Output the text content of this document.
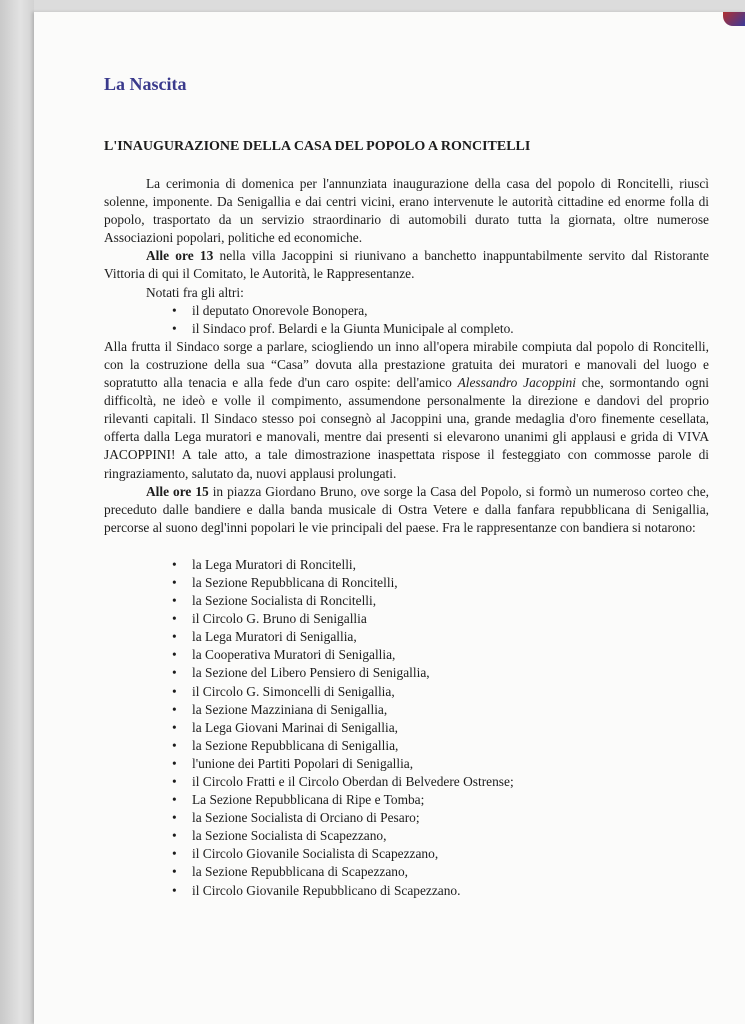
La Nascita
L'INAUGURAZIONE DELLA CASA DEL POPOLO A RONCITELLI

La cerimonia di domenica per l'annunziata inaugurazione della casa del popolo di Roncitelli, riuscì solenne, imponente. Da Senigallia e dai centri vicini, erano intervenute le autorità cittadine ed enorme folla di popolo, trasportato da un servizio straordinario di automobili durato tutta la giornata, oltre numerose Associazioni popolari, politiche ed economiche.

Alle ore 13 nella villa Jacoppini si riunivano a banchetto inappuntabilmente servito dal Ristorante Vittoria di qui il Comitato, le Autorità, le Rappresentanze.

Notati fra gli altri:

• il deputato Onorevole Bonopera,
• il Sindaco prof. Belardi e la Giunta Municipale al completo.

Alla frutta il Sindaco sorge a parlare, sciogliendo un inno all'opera mirabile compiuta dal popolo di Roncitelli, con la costruzione della sua “Casa” dovuta alla prestazione gratuita dei muratori e manovali del luogo e sopratutto alla tenacia e alla fede d'un caro ospite: dell'amico Alessandro Jacoppini che, sormontando ogni difficoltà, ne ideò e volle il compimento, assumendone personalmente la direzione e dandovi del proprio rilevanti capitali. Il Sindaco stesso poi consegnò al Jacoppini una, grande medaglia d'oro finemente cesellata, offerta dalla Lega muratori e manovali, mentre dai presenti si elevarono unanimi gli applausi e grida di VIVA JACOPPINI! A tale atto, a tale dimostrazione inaspettata rispose il festeggiato con commosse parole di ringraziamento, salutato da, nuovi applausi prolungati.

Alle ore 15 in piazza Giordano Bruno, ove sorge la Casa del Popolo, si formò un numeroso corteo che, preceduto dalle bandiere e dalla banda musicale di Ostra Vetere e dalla fanfara repubblicana di Senigallia, percorse al suono degl'inni popolari le vie principali del paese. Fra le rappresentanze con bandiera si notarono:

• la Lega Muratori di Roncitelli,
• la Sezione Repubblicana di Roncitelli,
• la Sezione Socialista di Roncitelli,
• il Circolo G. Bruno di Senigallia
• la Lega Muratori di Senigallia,
• la Cooperativa Muratori di Senigallia,
• la Sezione del Libero Pensiero di Senigallia,
• il Circolo G. Simoncelli di Senigallia,
• la Sezione Mazziniana di Senigallia,
• la Lega Giovani Marinai di Senigallia,
• la Sezione Repubblicana di Senigallia,
• l'unione dei Partiti Popolari di Senigallia,
• il Circolo Fratti e il Circolo Oberdan di Belvedere Ostrense;
• La Sezione Repubblicana di Ripe e Tomba;
• la Sezione Socialista di Orciano di Pesaro;
• la Sezione Socialista di Scapezzano,
• il Circolo Giovanile Socialista di Scapezzano,
• la Sezione Repubblicana di Scapezzano,
• il Circolo Giovanile Repubblicano di Scapezzano.
